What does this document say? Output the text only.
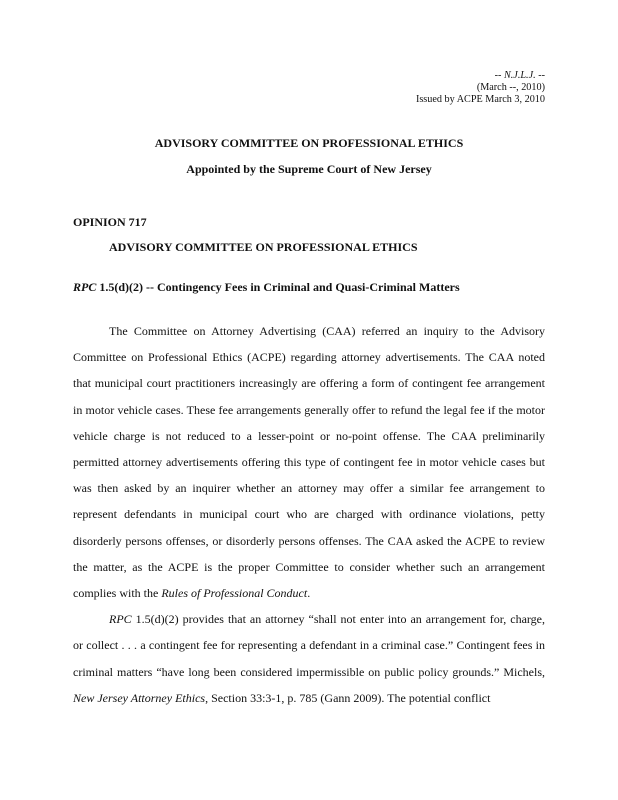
-- N.J.L.J. --
(March --, 2010)
Issued by ACPE March 3, 2010
ADVISORY COMMITTEE ON PROFESSIONAL ETHICS
Appointed by the Supreme Court of New Jersey
OPINION 717
ADVISORY COMMITTEE ON PROFESSIONAL ETHICS
RPC 1.5(d)(2) -- Contingency Fees in Criminal and Quasi-Criminal Matters

The Committee on Attorney Advertising (CAA) referred an inquiry to the Advisory Committee on Professional Ethics (ACPE) regarding attorney advertisements. The CAA noted that municipal court practitioners increasingly are offering a form of contingent fee arrangement in motor vehicle cases. These fee arrangements generally offer to refund the legal fee if the motor vehicle charge is not reduced to a lesser-point or no-point offense. The CAA preliminarily permitted attorney advertisements offering this type of contingent fee in motor vehicle cases but was then asked by an inquirer whether an attorney may offer a similar fee arrangement to represent defendants in municipal court who are charged with ordinance violations, petty disorderly persons offenses, or disorderly persons offenses. The CAA asked the ACPE to review the matter, as the ACPE is the proper Committee to consider whether such an arrangement complies with the Rules of Professional Conduct.

RPC 1.5(d)(2) provides that an attorney “shall not enter into an arrangement for, charge, or collect . . . a contingent fee for representing a defendant in a criminal case.” Contingent fees in criminal matters “have long been considered impermissible on public policy grounds.” Michels, New Jersey Attorney Ethics, Section 33:3-1, p. 785 (Gann 2009). The potential conflict
